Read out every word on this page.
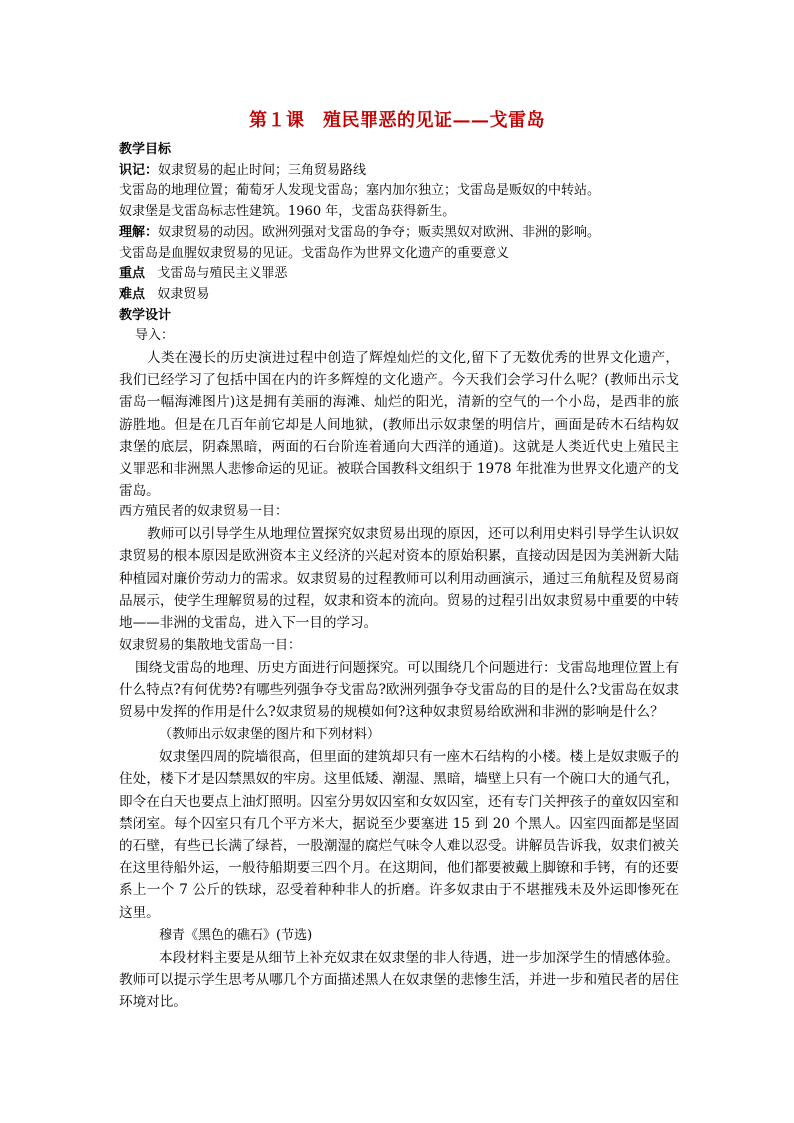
第１课　殖民罪恶的见证——戈雷岛
教学目标
识记：奴隶贸易的起止时间；三角贸易路线
戈雷岛的地理位置；葡萄牙人发现戈雷岛；塞内加尔独立；戈雷岛是贩奴的中转站。
奴隶堡是戈雷岛标志性建筑。1960 年，戈雷岛获得新生。
理解：奴隶贸易的动因。欧洲列强对戈雷岛的争夺；贩卖黑奴对欧洲、非洲的影响。
戈雷岛是血腥奴隶贸易的见证。戈雷岛作为世界文化遗产的重要意义
重点 戈雷岛与殖民主义罪恶
难点 奴隶贸易
教学设计
导入：
人类在漫长的历史演进过程中创造了辉煌灿烂的文化,留下了无数优秀的世界文化遗产，我们已经学习了包括中国在内的许多辉煌的文化遗产。今天我们会学习什么呢？(教师出示戈雷岛一幅海滩图片)这是拥有美丽的海滩、灿烂的阳光，清新的空气的一个小岛，是西非的旅游胜地。但是在几百年前它却是人间地狱，(教师出示奴隶堡的明信片，画面是砖木石结构奴隶堡的底层，阴森黑暗，两面的石台阶连着通向大西洋的通道)。这就是人类近代史上殖民主义罪恶和非洲黑人悲惨命运的见证。被联合国教科文组织于 1978 年批准为世界文化遗产的戈雷岛。
西方殖民者的奴隶贸易一目：
教师可以引导学生从地理位置探究奴隶贸易出现的原因，还可以利用史料引导学生认识奴隶贸易的根本原因是欧洲资本主义经济的兴起对资本的原始积累，直接动因是因为美洲新大陆种植园对廉价劳动力的需求。奴隶贸易的过程教师可以利用动画演示，通过三角航程及贸易商品展示，使学生理解贸易的过程，奴隶和资本的流向。贸易的过程引出奴隶贸易中重要的中转地——非洲的戈雷岛，进入下一目的学习。
奴隶贸易的集散地戈雷岛一目：
围绕戈雷岛的地理、历史方面进行问题探究。可以围绕几个问题进行：戈雷岛地理位置上有什么特点?有何优势?有哪些列强争夺戈雷岛?欧洲列强争夺戈雷岛的目的是什么?戈雷岛在奴隶贸易中发挥的作用是什么?奴隶贸易的规模如何?这种奴隶贸易给欧洲和非洲的影响是什么？
（教师出示奴隶堡的图片和下列材料）
奴隶堡四周的院墙很高，但里面的建筑却只有一座木石结构的小楼。楼上是奴隶贩子的住处，楼下才是囚禁黑奴的牢房。这里低矮、潮湿、黑暗，墙壁上只有一个碗口大的通气孔，即令在白天也要点上油灯照明。囚室分男奴囚室和女奴囚室，还有专门关押孩子的童奴囚室和禁闭室。每个囚室只有几个平方米大，据说至少要塞进 15 到 20 个黑人。囚室四面都是坚固的石壁，有些已长满了绿苔，一股潮湿的腐烂气味令人难以忍受。讲解员告诉我，奴隶们被关在这里待船外运，一般待船期要三四个月。在这期间，他们都要被戴上脚镣和手铐，有的还要系上一个 7 公斤的铁球，忍受着种种非人的折磨。许多奴隶由于不堪摧残未及外运即惨死在这里。
穆青《黑色的礁石》(节选)
本段材料主要是从细节上补充奴隶在奴隶堡的非人待遇，进一步加深学生的情感体验。教师可以提示学生思考从哪几个方面描述黑人在奴隶堡的悲惨生活，并进一步和殖民者的居住环境对比。
